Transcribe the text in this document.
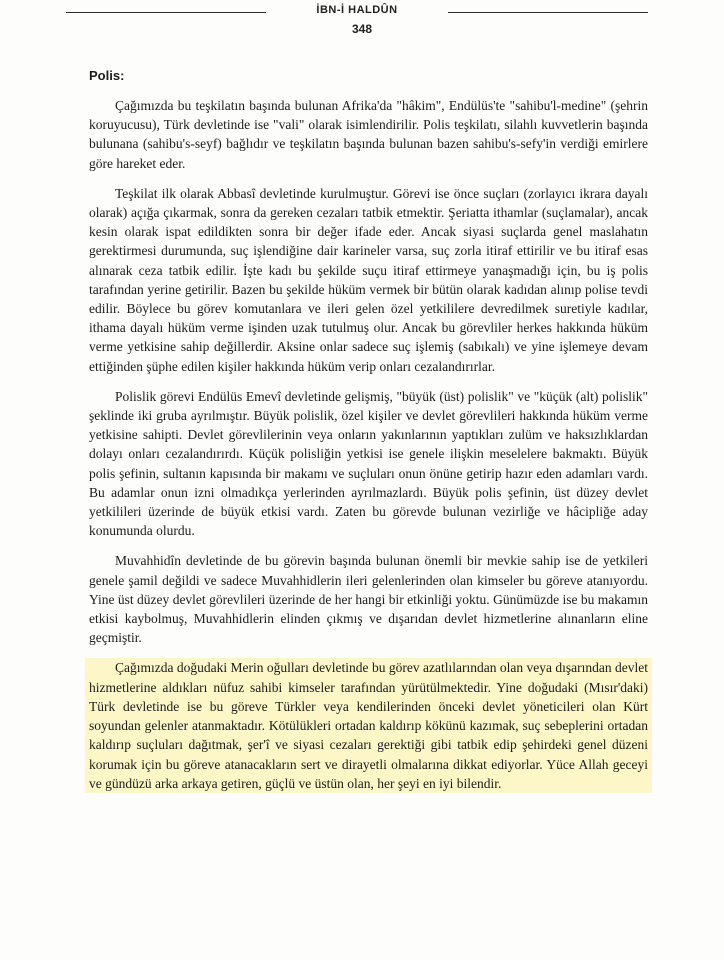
İBN-İ HALDÛN
348
Polis:

Çağımızda bu teşkilatın başında bulunan Afrika'da "hâkim", Endülüs'te "sahibu'l-medine" (şehrin koruyucusu), Türk devletinde ise "vali" olarak isimlendirilir. Polis teşkilatı, silahlı kuvvetlerin başında bulunana (sahibu's-seyf) bağlıdır ve teşkilatın başında bulunan bazen sahibu's-sefy'in verdiği emirlere göre hareket eder.

Teşkilat ilk olarak Abbasî devletinde kurulmuştur. Görevi ise önce suçları (zorlayıcı ikrara dayalı olarak) açığa çıkarmak, sonra da gereken cezaları tatbik etmektir. Şeriatta ithamlar (suçlamalar), ancak kesin olarak ispat edildikten sonra bir değer ifade eder. Ancak siyasi suçlarda genel maslahatın gerektirmesi durumunda, suç işlendiğine dair karineler varsa, suç zorla itiraf ettirilir ve bu itiraf esas alınarak ceza tatbik edilir. İşte kadı bu şekilde suçu itiraf ettirmeye yanaşmadığı için, bu iş polis tarafından yerine getirilir. Bazen bu şekilde hüküm vermek bir bütün olarak kadıdan alınıp polise tevdi edilir. Böylece bu görev komutanlara ve ileri gelen özel yetkililere devredilmek suretiyle kadılar, ithama dayalı hüküm verme işinden uzak tutulmuş olur. Ancak bu görevliler herkes hakkında hüküm verme yetkisine sahip değillerdir. Aksine onlar sadece suç işlemiş (sabıkalı) ve yine işlemeye devam ettiğinden şüphe edilen kişiler hakkında hüküm verip onları cezalandırırlar.

Polislik görevi Endülüs Emevî devletinde gelişmiş, "büyük (üst) polislik" ve "küçük (alt) polislik" şeklinde iki gruba ayrılmıştır. Büyük polislik, özel kişiler ve devlet görevlileri hakkında hüküm verme yetkisine sahipti. Devlet görevlilerinin veya onların yakınlarının yaptıkları zulüm ve haksızlıklardan dolayı onları cezalandırırdı. Küçük polisliğin yetkisi ise genele ilişkin meselelere bakmaktı. Büyük polis şefinin, sultanın kapısında bir makamı ve suçluları onun önüne getirip hazır eden adamları vardı. Bu adamlar onun izni olmadıkça yerlerinden ayrılmazlardı. Büyük polis şefinin, üst düzey devlet yetkilileri üzerinde de büyük etkisi vardı. Zaten bu görevde bulunan vezirliğe ve hâcipliğe aday konumunda olurdu.

Muvahhidîn devletinde de bu görevin başında bulunan önemli bir mevkie sahip ise de yetkileri genele şamil değildi ve sadece Muvahhidlerin ileri gelenlerinden olan kimseler bu göreve atanıyordu. Yine üst düzey devlet görevlileri üzerinde de her hangi bir etkinliği yoktu. Günümüzde ise bu makamın etkisi kaybolmuş, Muvahhidlerin elinden çıkmış ve dışarıdan devlet hizmetlerine alınanların eline geçmiştir.

Çağımızda doğudaki Merin oğulları devletinde bu görev azatlılarından olan veya dışarından devlet hizmetlerine aldıkları nüfuz sahibi kimseler tarafından yürütülmektedir. Yine doğudaki (Mısır'daki) Türk devletinde ise bu göreve Türkler veya kendilerinden önceki devlet yöneticileri olan Kürt soyundan gelenler atanmaktadır. Kötülükleri ortadan kaldırıp kökünü kazımak, suç sebeplerini ortadan kaldırıp suçluları dağıtmak, şer'î ve siyasi cezaları gerektiği gibi tatbik edip şehirdeki genel düzeni korumak için bu göreve atanacakların sert ve dirayetli olmalarına dikkat ediyorlar. Yüce Allah geceyi ve gündüzü arka arkaya getiren, güçlü ve üstün olan, her şeyi en iyi bilendir.
